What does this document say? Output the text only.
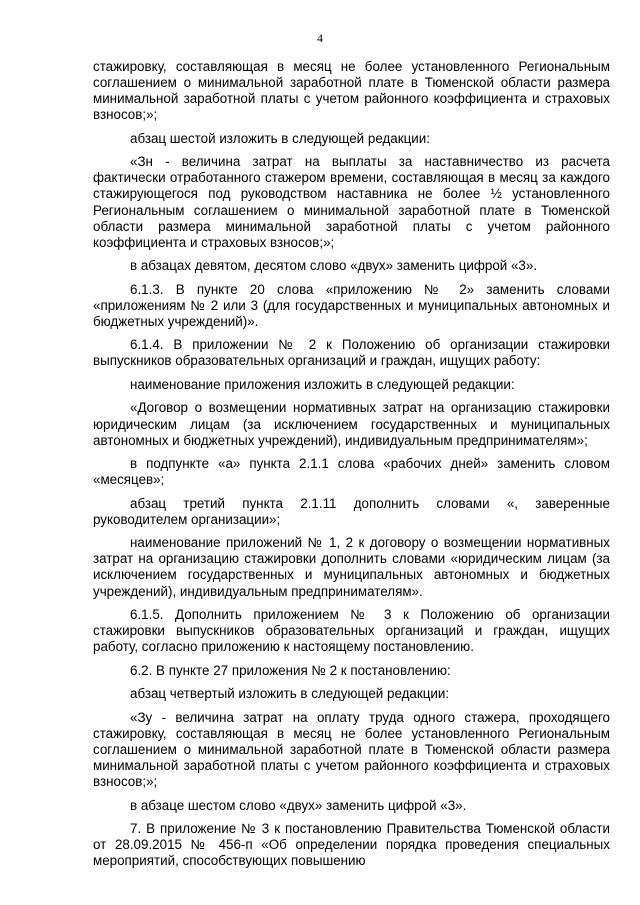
4

стажировку, составляющая в месяц не более установленного Региональным соглашением о минимальной заработной плате в Тюменской области размера минимальной заработной платы с учетом районного коэффициента и страховых взносов;»;

абзац шестой изложить в следующей редакции:

«Зн - величина затрат на выплаты за наставничество из расчета фактически отработанного стажером времени, составляющая в месяц за каждого стажирующегося под руководством наставника не более ½ установленного Региональным соглашением о минимальной заработной плате в Тюменской области размера минимальной заработной платы с учетом районного коэффициента и страховых взносов;»;

в абзацах девятом, десятом слово «двух» заменить цифрой «3».

6.1.3. В пункте 20 слова «приложению № 2» заменить словами «приложениям № 2 или 3 (для государственных и муниципальных автономных и бюджетных учреждений)».

6.1.4. В приложении № 2 к Положению об организации стажировки выпускников образовательных организаций и граждан, ищущих работу:

наименование приложения изложить в следующей редакции:

«Договор о возмещении нормативных затрат на организацию стажировки юридическим лицам (за исключением государственных и муниципальных автономных и бюджетных учреждений), индивидуальным предпринимателям»;

в подпункте «а» пункта 2.1.1 слова «рабочих дней» заменить словом «месяцев»;

абзац третий пункта 2.1.11 дополнить словами «, заверенные руководителем организации»;

наименование приложений № 1, 2 к договору о возмещении нормативных затрат на организацию стажировки дополнить словами «юридическим лицам (за исключением государственных и муниципальных автономных и бюджетных учреждений), индивидуальным предпринимателям».

6.1.5. Дополнить приложением № 3 к Положению об организации стажировки выпускников образовательных организаций и граждан, ищущих работу, согласно приложению к настоящему постановлению.

6.2. В пункте 27 приложения № 2 к постановлению:

абзац четвертый изложить в следующей редакции:

«Зу - величина затрат на оплату труда одного стажера, проходящего стажировку, составляющая в месяц не более установленного Региональным соглашением о минимальной заработной плате в Тюменской области размера минимальной заработной платы с учетом районного коэффициента и страховых взносов;»;

в абзаце шестом слово «двух» заменить цифрой «3».

7. В приложение № 3 к постановлению Правительства Тюменской области от 28.09.2015 № 456-п «Об определении порядка проведения специальных мероприятий, способствующих повышению
